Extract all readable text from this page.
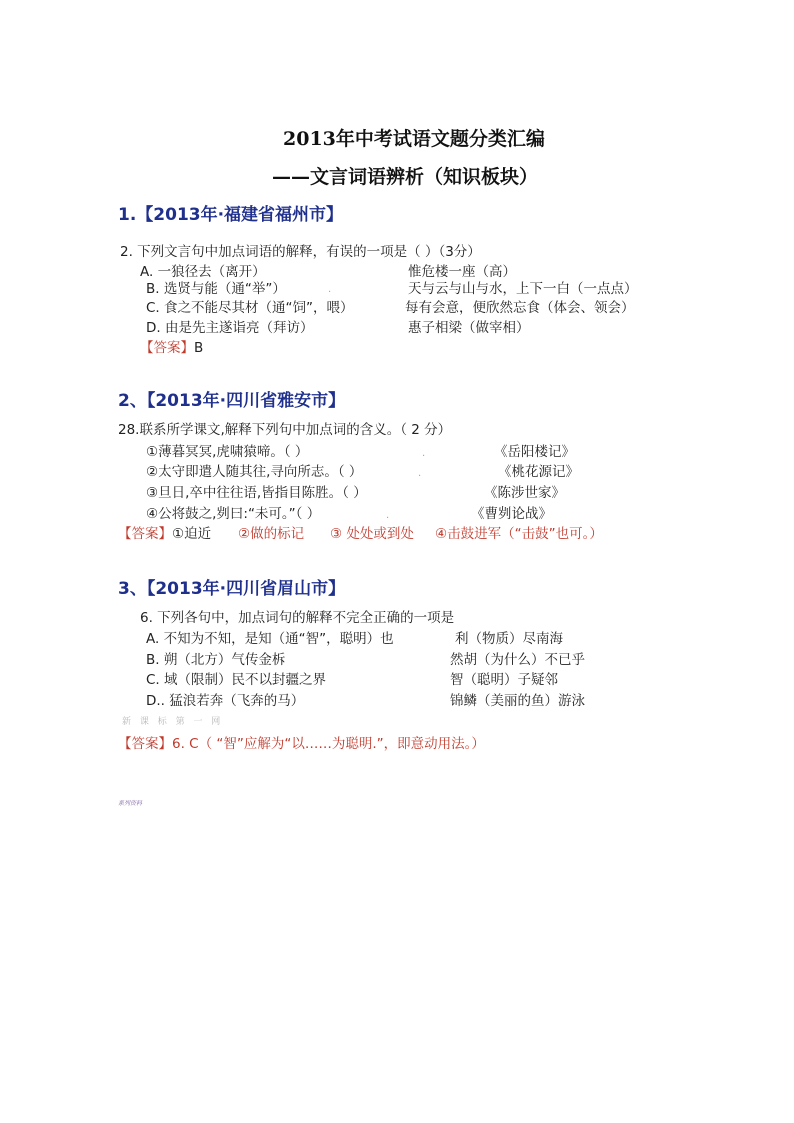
2013年中考试语文题分类汇编
——文言词语辨析（知识板块）
1.【2013年·福建省福州市】
2. 下列文言句中加点词语的解释，有误的一项是（ ）（3分）
A. 一狼径去（离开）	惟危楼一座（高）
B. 选贤与能（通“举”）	.	天与云与山与水，上下一白（一点点）
C. 食之不能尽其材（通“饲”，喂）	每有会意，便欣然忘食（体会、领会）
D. 由是先主遂诣亮（拜访）	惠子相梁（做宰相）
【答案】B
2、【2013年·四川省雅安市】
28.联系所学课文,解释下列句中加点词的含义。（ 2 分）
①薄暮冥冥,虎啸猿啼。（ ）	.	《岳阳楼记》
②太守即遣人随其往,寻向所志。（ ）	.	《桃花源记》
③旦日,卒中往往语,皆指目陈胜。（ ）	《陈涉世家》
④公将鼓之,刿曰:“未可。”（ ）	.	《曹刿论战》
【答案】①迫近 ②做的标记 ③ 处处或到处 ④击鼓进军（“击鼓”也可。）
3、【2013年·四川省眉山市】
6. 下列各句中，加点词句的解释不完全正确的一项是
A. 不知为不知，是知（通“智”，聪明）也	利（物质）尽南海
B. 朔（北方）气传金柝	然胡（为什么）不已乎
C. 域（限制）民不以封疆之界	智（聪明）子疑邻
D.. 猛浪若奔（飞奔的马）	锦鳞（美丽的鱼）游泳
新 课 标 第 一 网
【答案】6. C（ “智”应解为“以……为聪明.”，即意动用法。）
系列资料
